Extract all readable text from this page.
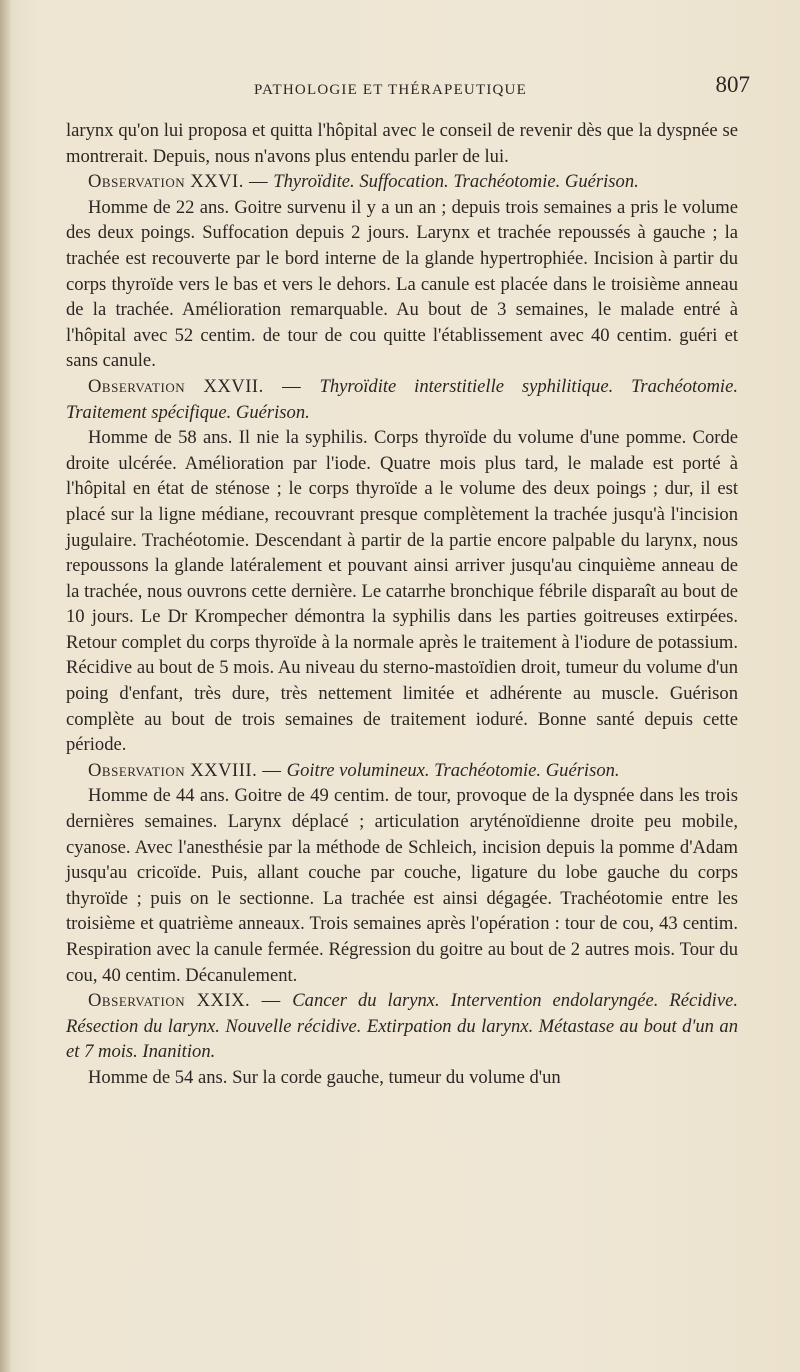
PATHOLOGIE ET THÉRAPEUTIQUE	807

larynx qu'on lui proposa et quitta l'hôpital avec le conseil de revenir dès que la dyspnée se montrerait. Depuis, nous n'avons plus entendu parler de lui.

Observation XXVI. — Thyroïdite. Suffocation. Trachéotomie. Guérison.

Homme de 22 ans. Goitre survenu il y a un an ; depuis trois semaines a pris le volume des deux poings. Suffocation depuis 2 jours. Larynx et trachée repoussés à gauche ; la trachée est recouverte par le bord interne de la glande hypertrophiée. Incision à partir du corps thyroïde vers le bas et vers le dehors. La canule est placée dans le troisième anneau de la trachée. Amélioration remarquable. Au bout de 3 semaines, le malade entré à l'hôpital avec 52 centim. de tour de cou quitte l'établissement avec 40 centim. guéri et sans canule.

Observation XXVII. — Thyroïdite interstitielle syphilitique. Trachéotomie. Traitement spécifique. Guérison.

Homme de 58 ans. Il nie la syphilis. Corps thyroïde du volume d'une pomme. Corde droite ulcérée. Amélioration par l'iode. Quatre mois plus tard, le malade est porté à l'hôpital en état de sténose ; le corps thyroïde a le volume des deux poings ; dur, il est placé sur la ligne médiane, recouvrant presque complètement la trachée jusqu'à l'incision jugulaire. Trachéotomie. Descendant à partir de la partie encore palpable du larynx, nous repoussons la glande latéralement et pouvant ainsi arriver jusqu'au cinquième anneau de la trachée, nous ouvrons cette dernière. Le catarrhe bronchique fébrile disparaît au bout de 10 jours. Le Dr Krompecher démontra la syphilis dans les parties goitreuses extirpées. Retour complet du corps thyroïde à la normale après le traitement à l'iodure de potassium. Récidive au bout de 5 mois. Au niveau du sterno-mastoïdien droit, tumeur du volume d'un poing d'enfant, très dure, très nettement limitée et adhérente au muscle. Guérison complète au bout de trois semaines de traitement ioduré. Bonne santé depuis cette période.

Observation XXVIII. — Goitre volumineux. Trachéotomie. Guérison.

Homme de 44 ans. Goitre de 49 centim. de tour, provoque de la dyspnée dans les trois dernières semaines. Larynx déplacé ; articulation aryténoïdienne droite peu mobile, cyanose. Avec l'anesthésie par la méthode de Schleich, incision depuis la pomme d'Adam jusqu'au cricoïde. Puis, allant couche par couche, ligature du lobe gauche du corps thyroïde ; puis on le sectionne. La trachée est ainsi dégagée. Trachéotomie entre les troisième et quatrième anneaux. Trois semaines après l'opération : tour de cou, 43 centim. Respiration avec la canule fermée. Régression du goitre au bout de 2 autres mois. Tour du cou, 40 centim. Décanulement.

Observation XXIX. — Cancer du larynx. Intervention endolaryngée. Récidive. Résection du larynx. Nouvelle récidive. Extirpation du larynx. Métastase au bout d'un an et 7 mois. Inanition.

Homme de 54 ans. Sur la corde gauche, tumeur du volume d'un
